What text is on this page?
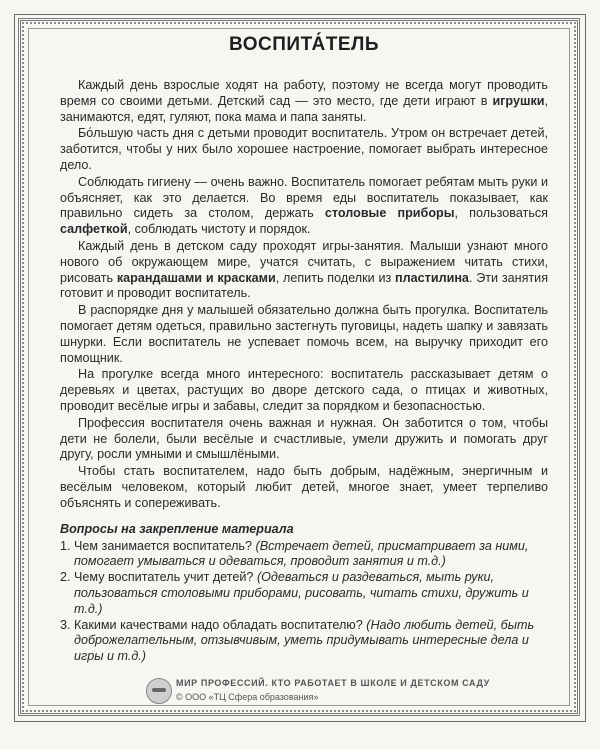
ВОСПИТА́ТЕЛЬ

Каждый день взрослые ходят на работу, поэтому не всегда могут проводить время со своими детьми. Детский сад — это место, где дети играют в игрушки, занимаются, едят, гуляют, пока мама и папа заняты.

Бо́льшую часть дня с детьми проводит воспитатель. Утром он встречает детей, заботится, чтобы у них было хорошее настроение, помогает выбрать интересное дело.

Соблюдать гигиену — очень важно. Воспитатель помогает ребятам мыть руки и объясняет, как это делается. Во время еды воспитатель показывает, как правильно сидеть за столом, держать столовые приборы, пользоваться салфеткой, соблюдать чистоту и порядок.

Каждый день в детском саду проходят игры-занятия. Малыши узнают много нового об окружающем мире, учатся считать, с выражением читать стихи, рисовать карандашами и красками, лепить поделки из пластилина. Эти занятия готовит и проводит воспитатель.

В распорядке дня у малышей обязательно должна быть прогулка. Воспитатель помогает детям одеться, правильно застегнуть пуговицы, надеть шапку и завязать шнурки. Если воспитатель не успевает помочь всем, на выручку приходит его помощник.

На прогулке всегда много интересного: воспитатель рассказывает детям о деревьях и цветах, растущих во дворе детского сада, о птицах и животных, проводит весёлые игры и забавы, следит за порядком и безопасностью.

Профессия воспитателя очень важная и нужная. Он заботится о том, чтобы дети не болели, были весёлые и счастливые, умели дружить и помогать друг другу, росли умными и смышлёными.

Чтобы стать воспитателем, надо быть добрым, надёжным, энергичным и весёлым человеком, который любит детей, многое знает, умеет терпеливо объяснять и сопереживать.

Вопросы на закрепление материала

1. Чем занимается воспитатель? (Встречает детей, присматривает за ними, помогает умываться и одеваться, проводит занятия и т.д.)

2. Чему воспитатель учит детей? (Одеваться и раздеваться, мыть руки, пользоваться столовыми приборами, рисовать, читать стихи, дружить и т.д.)

3. Какими качествами надо обладать воспитателю? (Надо любить детей, быть доброжелательным, отзывчивым, уметь придумывать интересные дела и игры и т.д.)

МИР ПРОФЕССИЙ. КТО РАБОТАЕТ В ШКОЛЕ И ДЕТСКОМ САДУ
© ООО «ТЦ Сфера образования»
